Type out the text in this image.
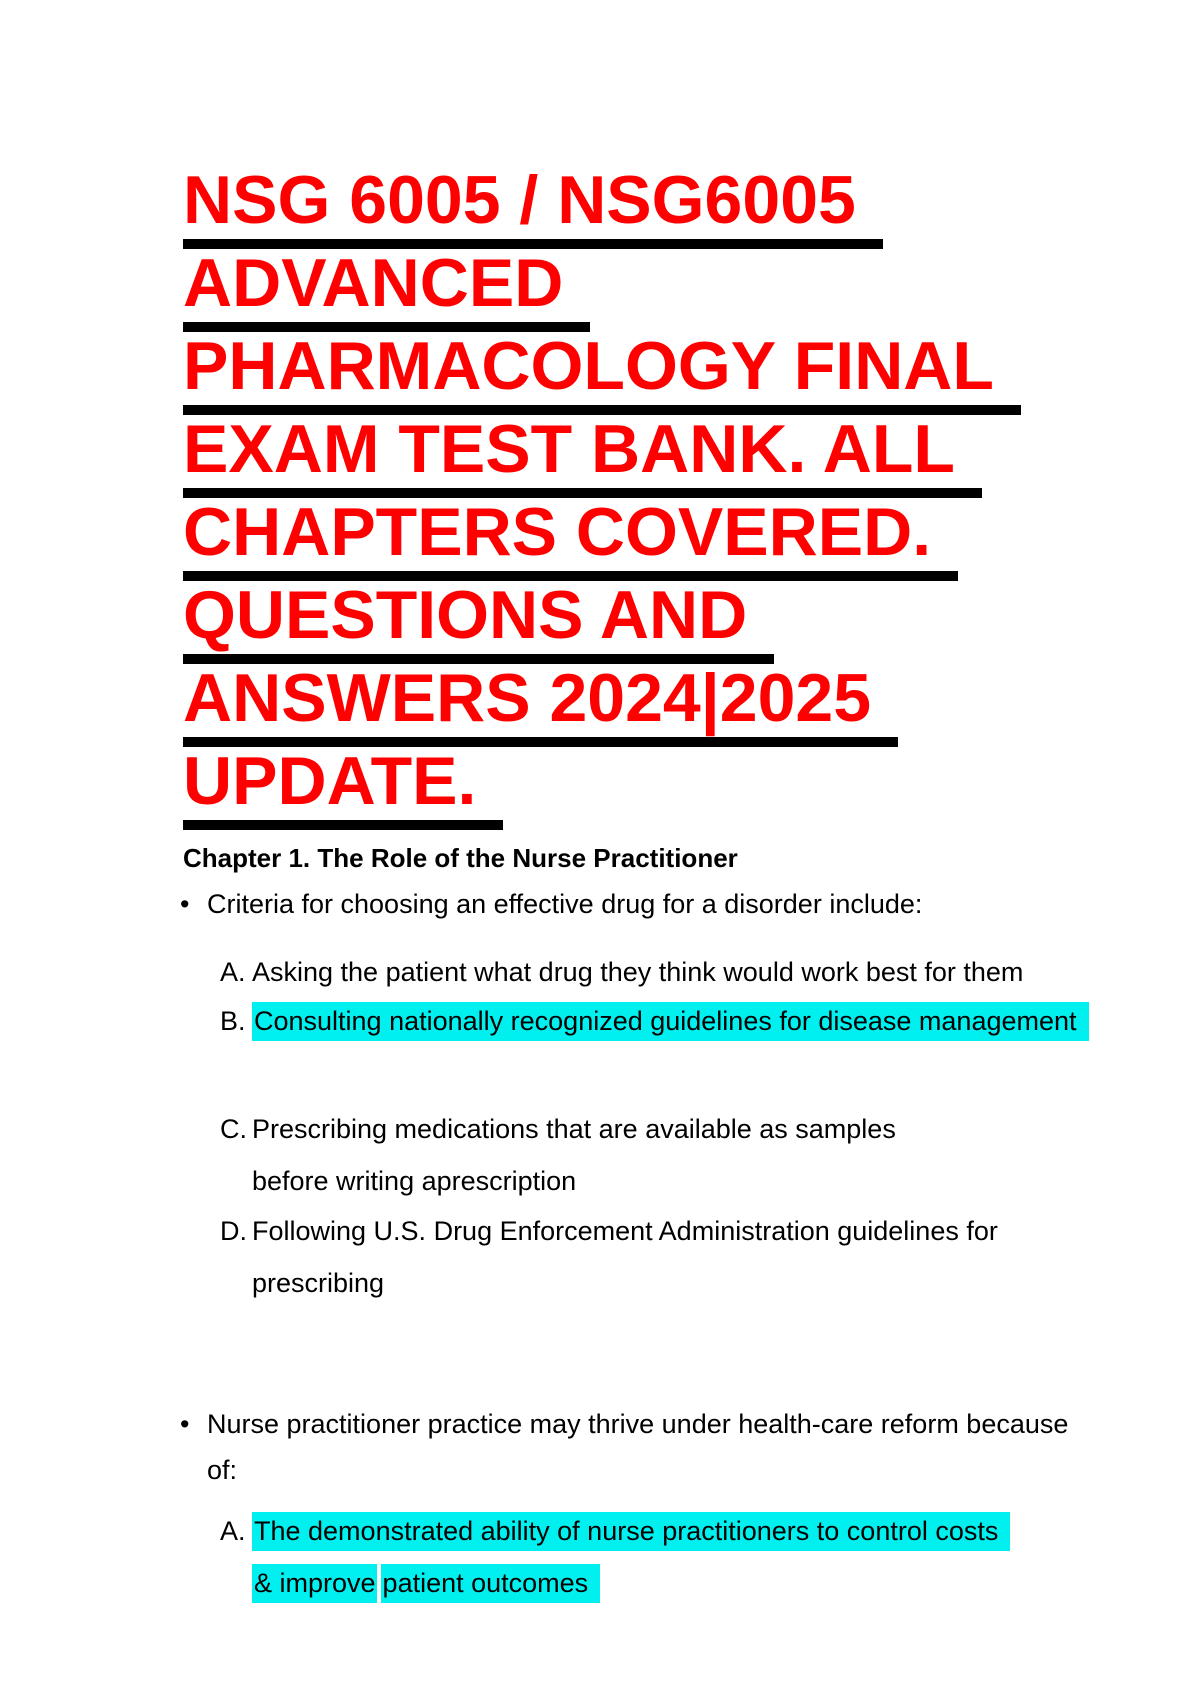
NSG 6005 / NSG6005
ADVANCED
PHARMACOLOGY FINAL
EXAM TEST BANK. ALL
CHAPTERS COVERED.
QUESTIONS AND
ANSWERS 2024|2025
UPDATE.
Chapter 1. The Role of the Nurse Practitioner
• Criteria for choosing an effective drug for a disorder include:
A. Asking the patient what drug they think would work best for them
B. Consulting nationally recognized guidelines for disease management
C. Prescribing medications that are available as samples
before writing aprescription
D. Following U.S. Drug Enforcement Administration guidelines for
prescribing
• Nurse practitioner practice may thrive under health-care reform because
of:
A. The demonstrated ability of nurse practitioners to control costs
& improve patient outcomes
